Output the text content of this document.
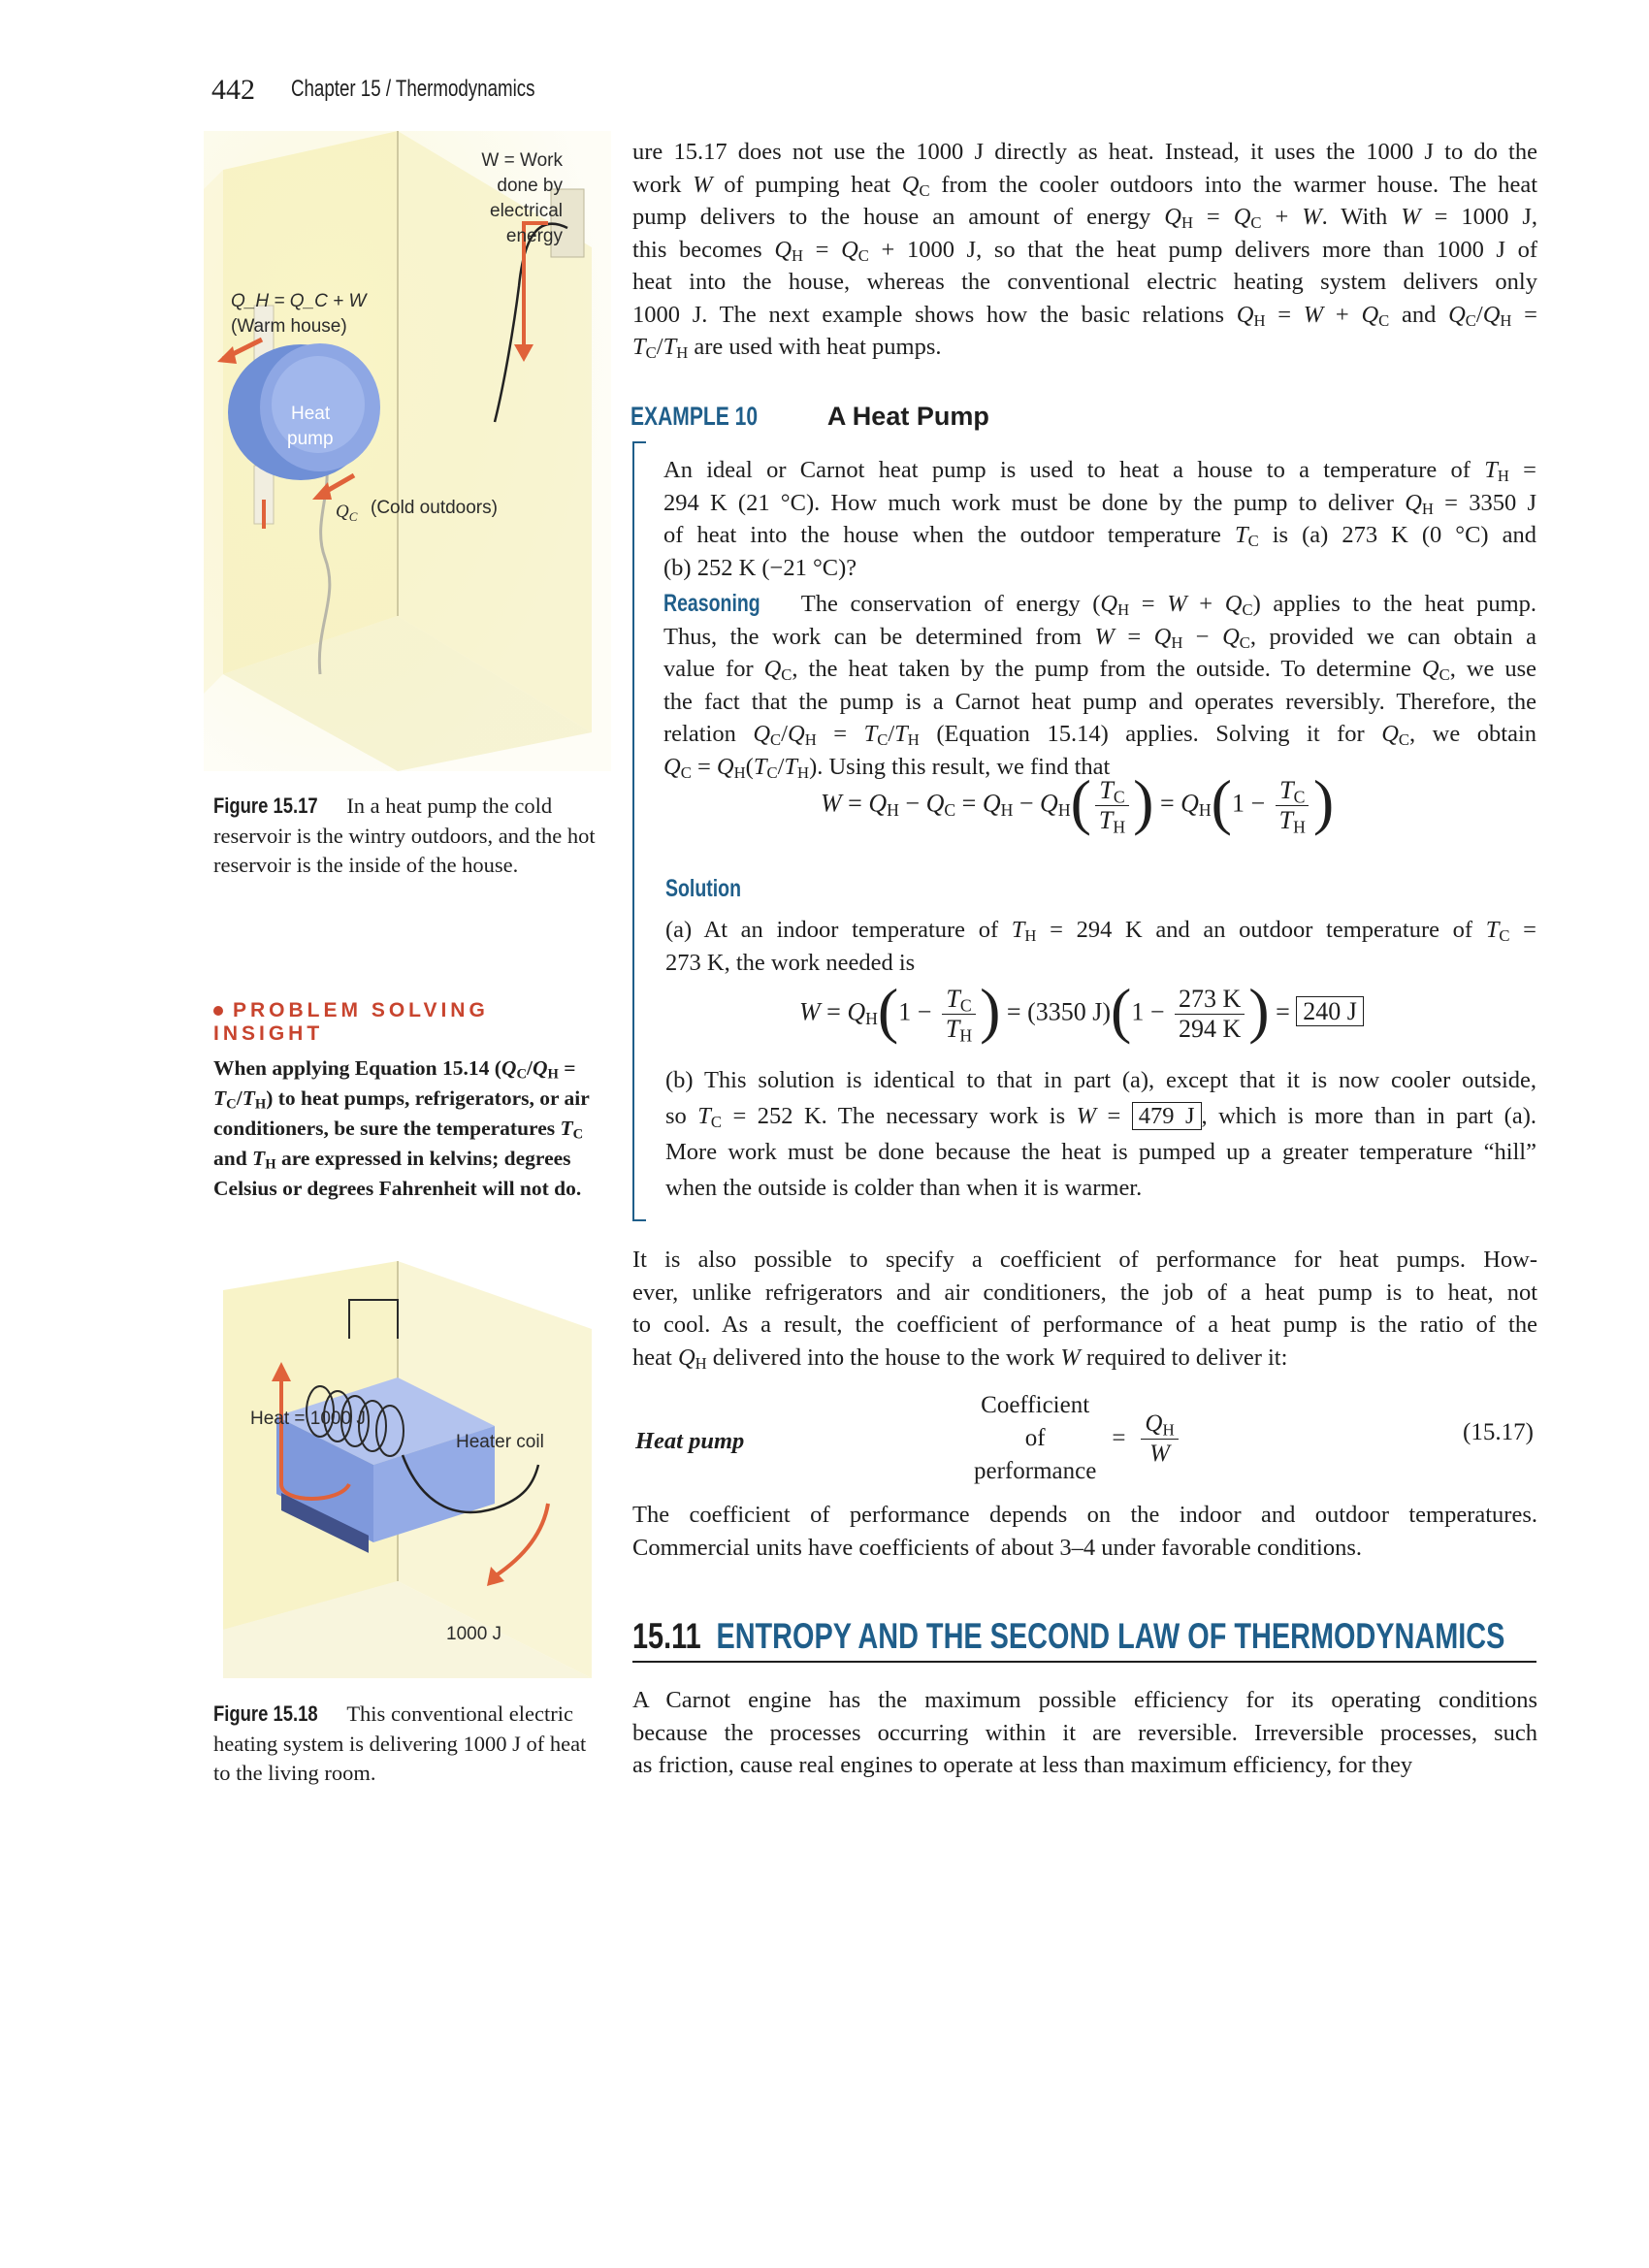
442 Chapter 15 / Thermodynamics
ure 15.17 does not use the 1000 J directly as heat. Instead, it uses the 1000 J to do the
work W of pumping heat $Q_C$ from the cooler outdoors into the warmer house. The heat
pump delivers to the house an amount of energy $Q_H = Q_C + W$. With W = 1000 J,
this becomes $Q_H = Q_C + 1000$ J, so that the heat pump delivers more than 1000 J of
heat into the house, whereas the conventional electric heating system delivers only
1000 J. The next example shows how the basic relations $Q_H = W + Q_C$ and $Q_C/Q_H$ =
$T_C/T_H$ are used with heat pumps.
EXAMPLE 10	A Heat Pump
An ideal or Carnot heat pump is used to heat a house to a temperature of $T_H$ =
294 K (21 °C). How much work must be done by the pump to deliver $Q_H = 3350$ J
of heat into the house when the outdoor temperature $T_C$ is (a) 273 K (0 °C) and
(b) 252 K (−21 °C)?
Reasoning The conservation of energy $(Q_H = W + Q_C)$ applies to the heat pump.
Thus, the work can be determined from $W = Q_H - Q_C$, provided we can obtain a
value for $Q_C$, the heat taken by the pump from the outside. To determine $Q_C$, we use
the fact that the pump is a Carnot heat pump and operates reversibly. Therefore, the
relation $Q_C/Q_H = T_C/T_H$ (Equation 15.14) applies. Solving it for $Q_C$, we obtain
$Q_C = Q_H(T_C/T_H)$. Using this result, we find that
$W = Q_H - Q_C = Q_H - Q_H( \frac{T_C}{T_H}$ ) = $Q_H(1 - \frac{T_C}{T_H}$ )
Solution
(a) At an indoor temperature of $T_H = 294$ K and an outdoor temperature of $T_C$ =
273 K, the work needed is
$W = Q_H(1 - \frac{T_C}{T_H}$ ) = (3350 $J)(1 - \frac{273 K}{294 K}$ ) = 240 J
(b) This solution is identical to that in part (a), except that it is now cooler outside,
so $T_C = 252$ K. The necessary work is W = 479 J , which is more than in part (a).
More work must be done because the heat is pumped up a greater temperature “hill”
when the outside is colder than when it is warmer.
It is also possible to specify a coefficient of performance for heat pumps. How-
ever, unlike refrigerators and air conditioners, the job of a heat pump is to heat, not
to cool. As a result, the coefficient of performance of a heat pump is the ratio of the
heat $Q_H$ delivered into the house to the work W required to deliver it:
Heat pump
Coefficient
of
performance
= $\frac{Q_H}{W}$	(15.17)
The coefficient of performance depends on the indoor and outdoor temperatures.
Commercial units have coefficients of about 3–4 under favorable conditions.
15.11 ENTROPY AND THE SECOND LAW OF THERMODYNAMICS
A Carnot engine has the maximum possible efficiency for its operating conditions
because the processes occurring within it are reversible. Irreversible processes, such
as friction, cause real engines to operate at less than maximum efficiency, for they
W = Work
done by
electrical
energy
Q_H = Q_C + W
(Warm house)
Heat
pump
$Q_C$ (Cold outdoors)
Figure 15.17 In a heat pump the cold reservoir is the wintry outdoors, and the hot reservoir is the inside of the house.
PROBLEM SOLVING INSIGHT
When applying Equation 15.14 $(Q_C/Q_H = T_C/T_H)$ to heat pumps, refrigerators, or air conditioners, be sure the temperatures $T_C$ and $T_H$ are expressed in kelvins; degrees Celsius or degrees Fahrenheit will not do.
Heat = 1000 J
Heater coil
1000 J
Figure 15.18 This conventional electric heating system is delivering 1000 J of heat to the living room.
